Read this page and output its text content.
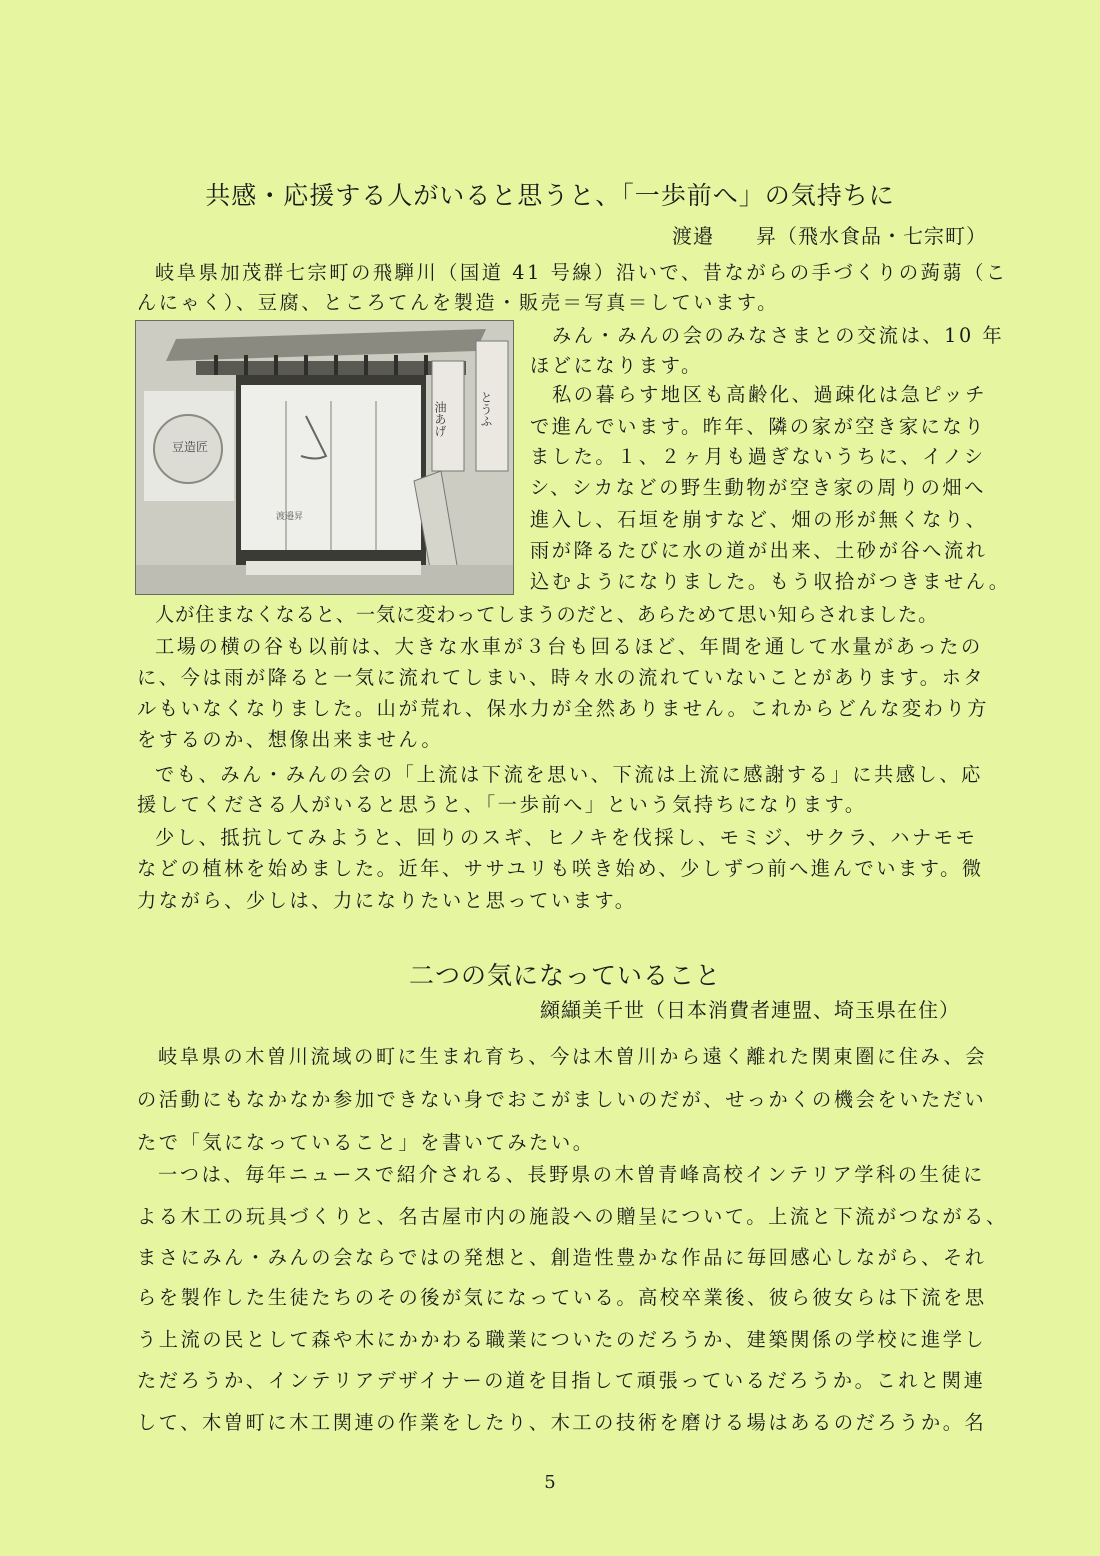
共感・応援する人がいると思うと、「一歩前へ」の気持ちに
渡邉　　昇（飛水食品・七宗町）
岐阜県加茂群七宗町の飛騨川（国道 41 号線）沿いで、昔ながらの手づくりの蒟蒻（こ
んにゃく）、豆腐、ところてんを製造・販売＝写真＝しています。
渡邉昇
豆造匠
油あげ	とうふ
みん・みんの会のみなさまとの交流は、10 年
ほどになります。
私の暮らす地区も高齢化、過疎化は急ピッチ
で進んでいます。昨年、隣の家が空き家になり
ました。１、２ヶ月も過ぎないうちに、イノシ
シ、シカなどの野生動物が空き家の周りの畑へ
進入し、石垣を崩すなど、畑の形が無くなり、
雨が降るたびに水の道が出来、土砂が谷へ流れ
込むようになりました。もう収拾がつきません。
人が住まなくなると、一気に変わってしまうのだと、あらためて思い知らされました。
工場の横の谷も以前は、大きな水車が３台も回るほど、年間を通して水量があったの
に、今は雨が降ると一気に流れてしまい、時々水の流れていないことがあります。ホタ
ルもいなくなりました。山が荒れ、保水力が全然ありません。これからどんな変わり方
をするのか、想像出来ません。
でも、みん・みんの会の「上流は下流を思い、下流は上流に感謝する」に共感し、応
援してくださる人がいると思うと、「一歩前へ」という気持ちになります。
少し、抵抗してみようと、回りのスギ、ヒノキを伐採し、モミジ、サクラ、ハナモモ
などの植林を始めました。近年、ササユリも咲き始め、少しずつ前へ進んでいます。微
力ながら、少しは、力になりたいと思っています。
二つの気になっていること
纐纈美千世（日本消費者連盟、埼玉県在住）
岐阜県の木曽川流域の町に生まれ育ち、今は木曽川から遠く離れた関東圏に住み、会
の活動にもなかなか参加できない身でおこがましいのだが、せっかくの機会をいただい
たで「気になっていること」を書いてみたい。
一つは、毎年ニュースで紹介される、長野県の木曽青峰高校インテリア学科の生徒に
よる木工の玩具づくりと、名古屋市内の施設への贈呈について。上流と下流がつながる、
まさにみん・みんの会ならではの発想と、創造性豊かな作品に毎回感心しながら、それ
らを製作した生徒たちのその後が気になっている。高校卒業後、彼ら彼女らは下流を思
う上流の民として森や木にかかわる職業についたのだろうか、建築関係の学校に進学し
ただろうか、インテリアデザイナーの道を目指して頑張っているだろうか。これと関連
して、木曽町に木工関連の作業をしたり、木工の技術を磨ける場はあるのだろうか。名
5
